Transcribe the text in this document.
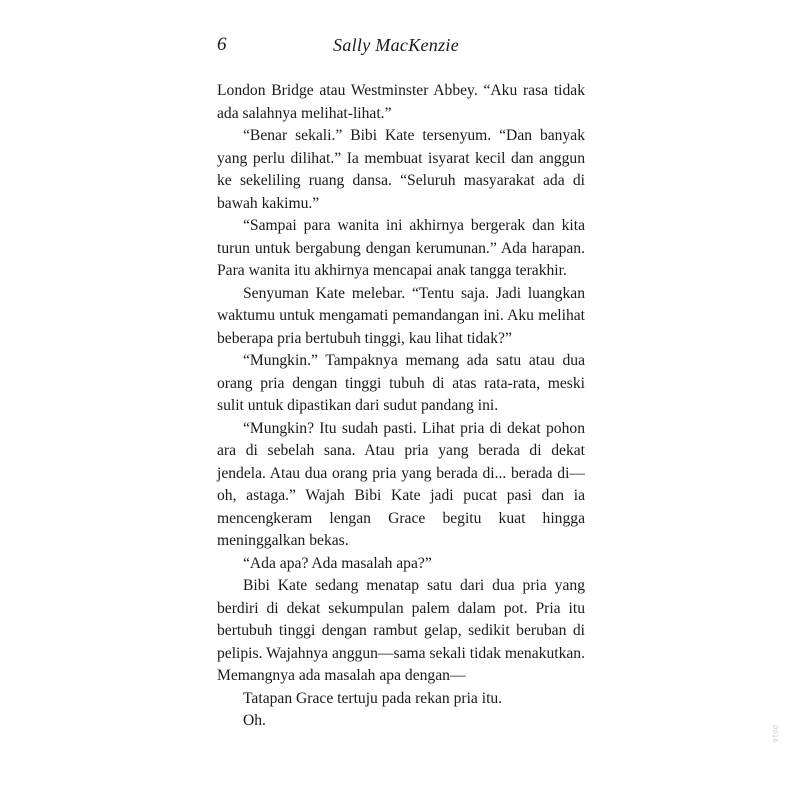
6	Sally MacKenzie

London Bridge atau Westminster Abbey. “Aku rasa tidak ada salahnya melihat-lihat.”

“Benar sekali.” Bibi Kate tersenyum. “Dan banyak yang perlu dilihat.” Ia membuat isyarat kecil dan anggun ke sekeliling ruang dansa. “Seluruh masyarakat ada di bawah kakimu.”

“Sampai para wanita ini akhirnya bergerak dan kita turun untuk bergabung dengan kerumunan.” Ada harapan. Para wanita itu akhirnya mencapai anak tangga terakhir.

Senyuman Kate melebar. “Tentu saja. Jadi luangkan waktumu untuk mengamati pemandangan ini. Aku melihat beberapa pria bertubuh tinggi, kau lihat tidak?”

“Mungkin.” Tampaknya memang ada satu atau dua orang pria dengan tinggi tubuh di atas rata-rata, meski sulit untuk dipastikan dari sudut pandang ini.

“Mungkin? Itu sudah pasti. Lihat pria di dekat pohon ara di sebelah sana. Atau pria yang berada di dekat jendela. Atau dua orang pria yang berada di... berada di—oh, astaga.” Wajah Bibi Kate jadi pucat pasi dan ia mencengkeram lengan Grace begitu kuat hingga meninggalkan bekas.

“Ada apa? Ada masalah apa?”

Bibi Kate sedang menatap satu dari dua pria yang berdiri di dekat sekumpulan palem dalam pot. Pria itu bertubuh tinggi dengan rambut gelap, sedikit beruban di pelipis. Wajahnya anggun—sama sekali tidak menakutkan. Memangnya ada masalah apa dengan—

Tatapan Grace tertuju pada rekan pria itu.

Oh.

0016
